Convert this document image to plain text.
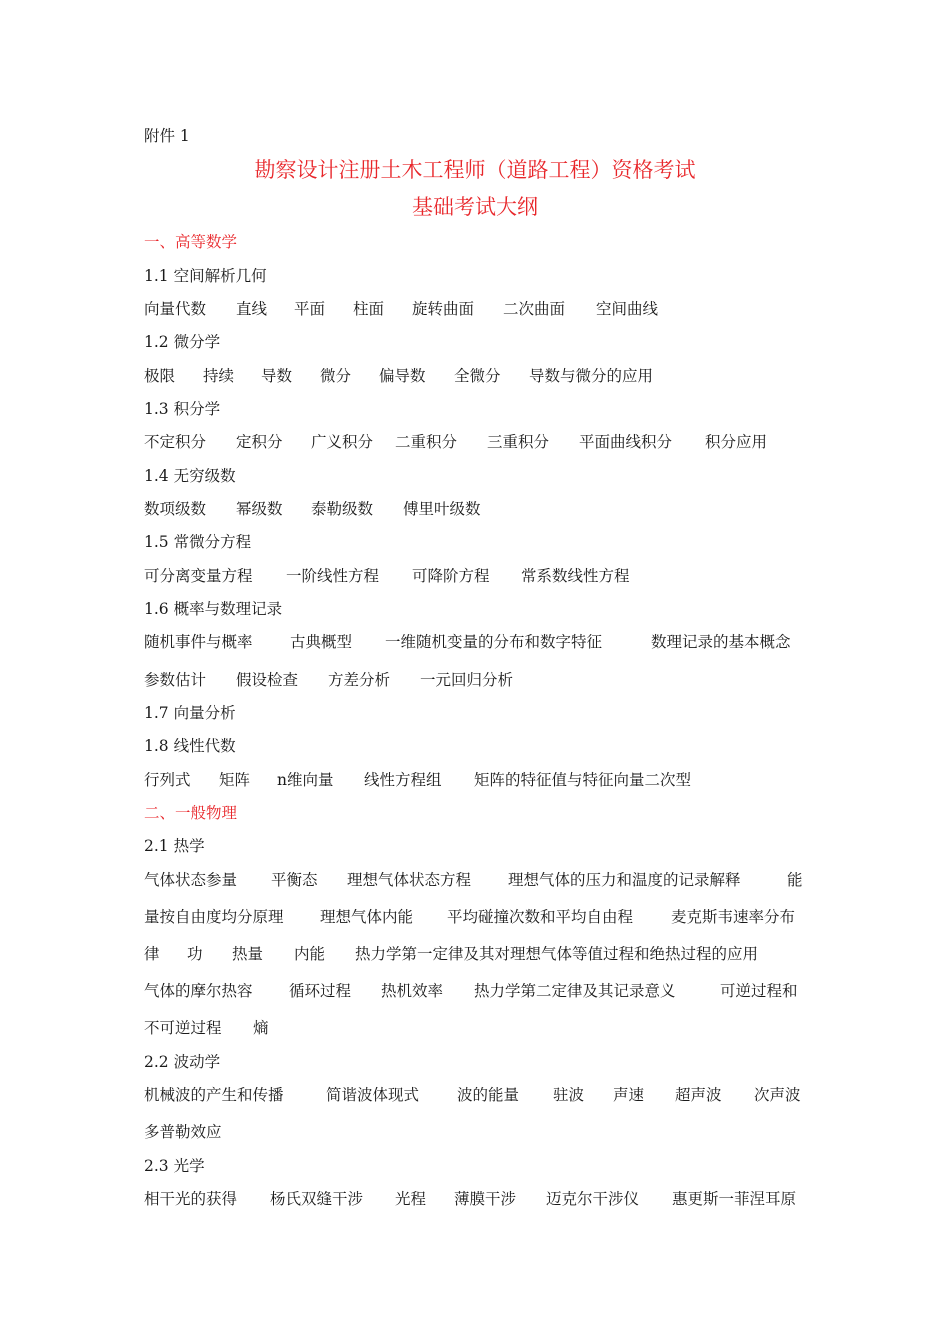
附件 1
勘察设计注册土木工程师（道路工程）资格考试
基础考试大纲
一、高等数学
1.1 空间解析几何
向量代数 直线 平面 柱面 旋转曲面 二次曲面 空间曲线
1.2 微分学
极限 持续 导数 微分 偏导数 全微分 导数与微分的应用
1.3 积分学
不定积分 定积分 广义积分 二重积分 三重积分 平面曲线积分 积分应用
1.4 无穷级数
数项级数 幂级数 泰勒级数 傅里叶级数
1.5 常微分方程
可分离变量方程 一阶线性方程 可降阶方程 常系数线性方程
1.6 概率与数理记录
随机事件与概率 古典概型 一维随机变量的分布和数字特征	数理记录的基本概念
参数估计 假设检查 方差分析 一元回归分析
1.7 向量分析
1.8 线性代数
行列式 矩阵 n维向量 线性方程组 矩阵的特征值与特征向量二次型
二、一般物理
2.1 热学
气体状态参量 平衡态 理想气体状态方程 理想气体的压力和温度的记录解释	能
量按自由度均分原理 理想气体内能 平均碰撞次数和平均自由程 麦克斯韦速率分布
律 功 热量 内能 热力学第一定律及其对理想气体等值过程和绝热过程的应用
气体的摩尔热容 循环过程 热机效率 热力学第二定律及其记录意义	可逆过程和
不可逆过程 熵
2.2 波动学
机械波的产生和传播	简谐波体现式 波的能量 驻波 声速 超声波 次声波
多普勒效应
2.3 光学
相干光的获得 杨氏双缝干涉 光程 薄膜干涉 迈克尔干涉仪 惠更斯一菲涅耳原
